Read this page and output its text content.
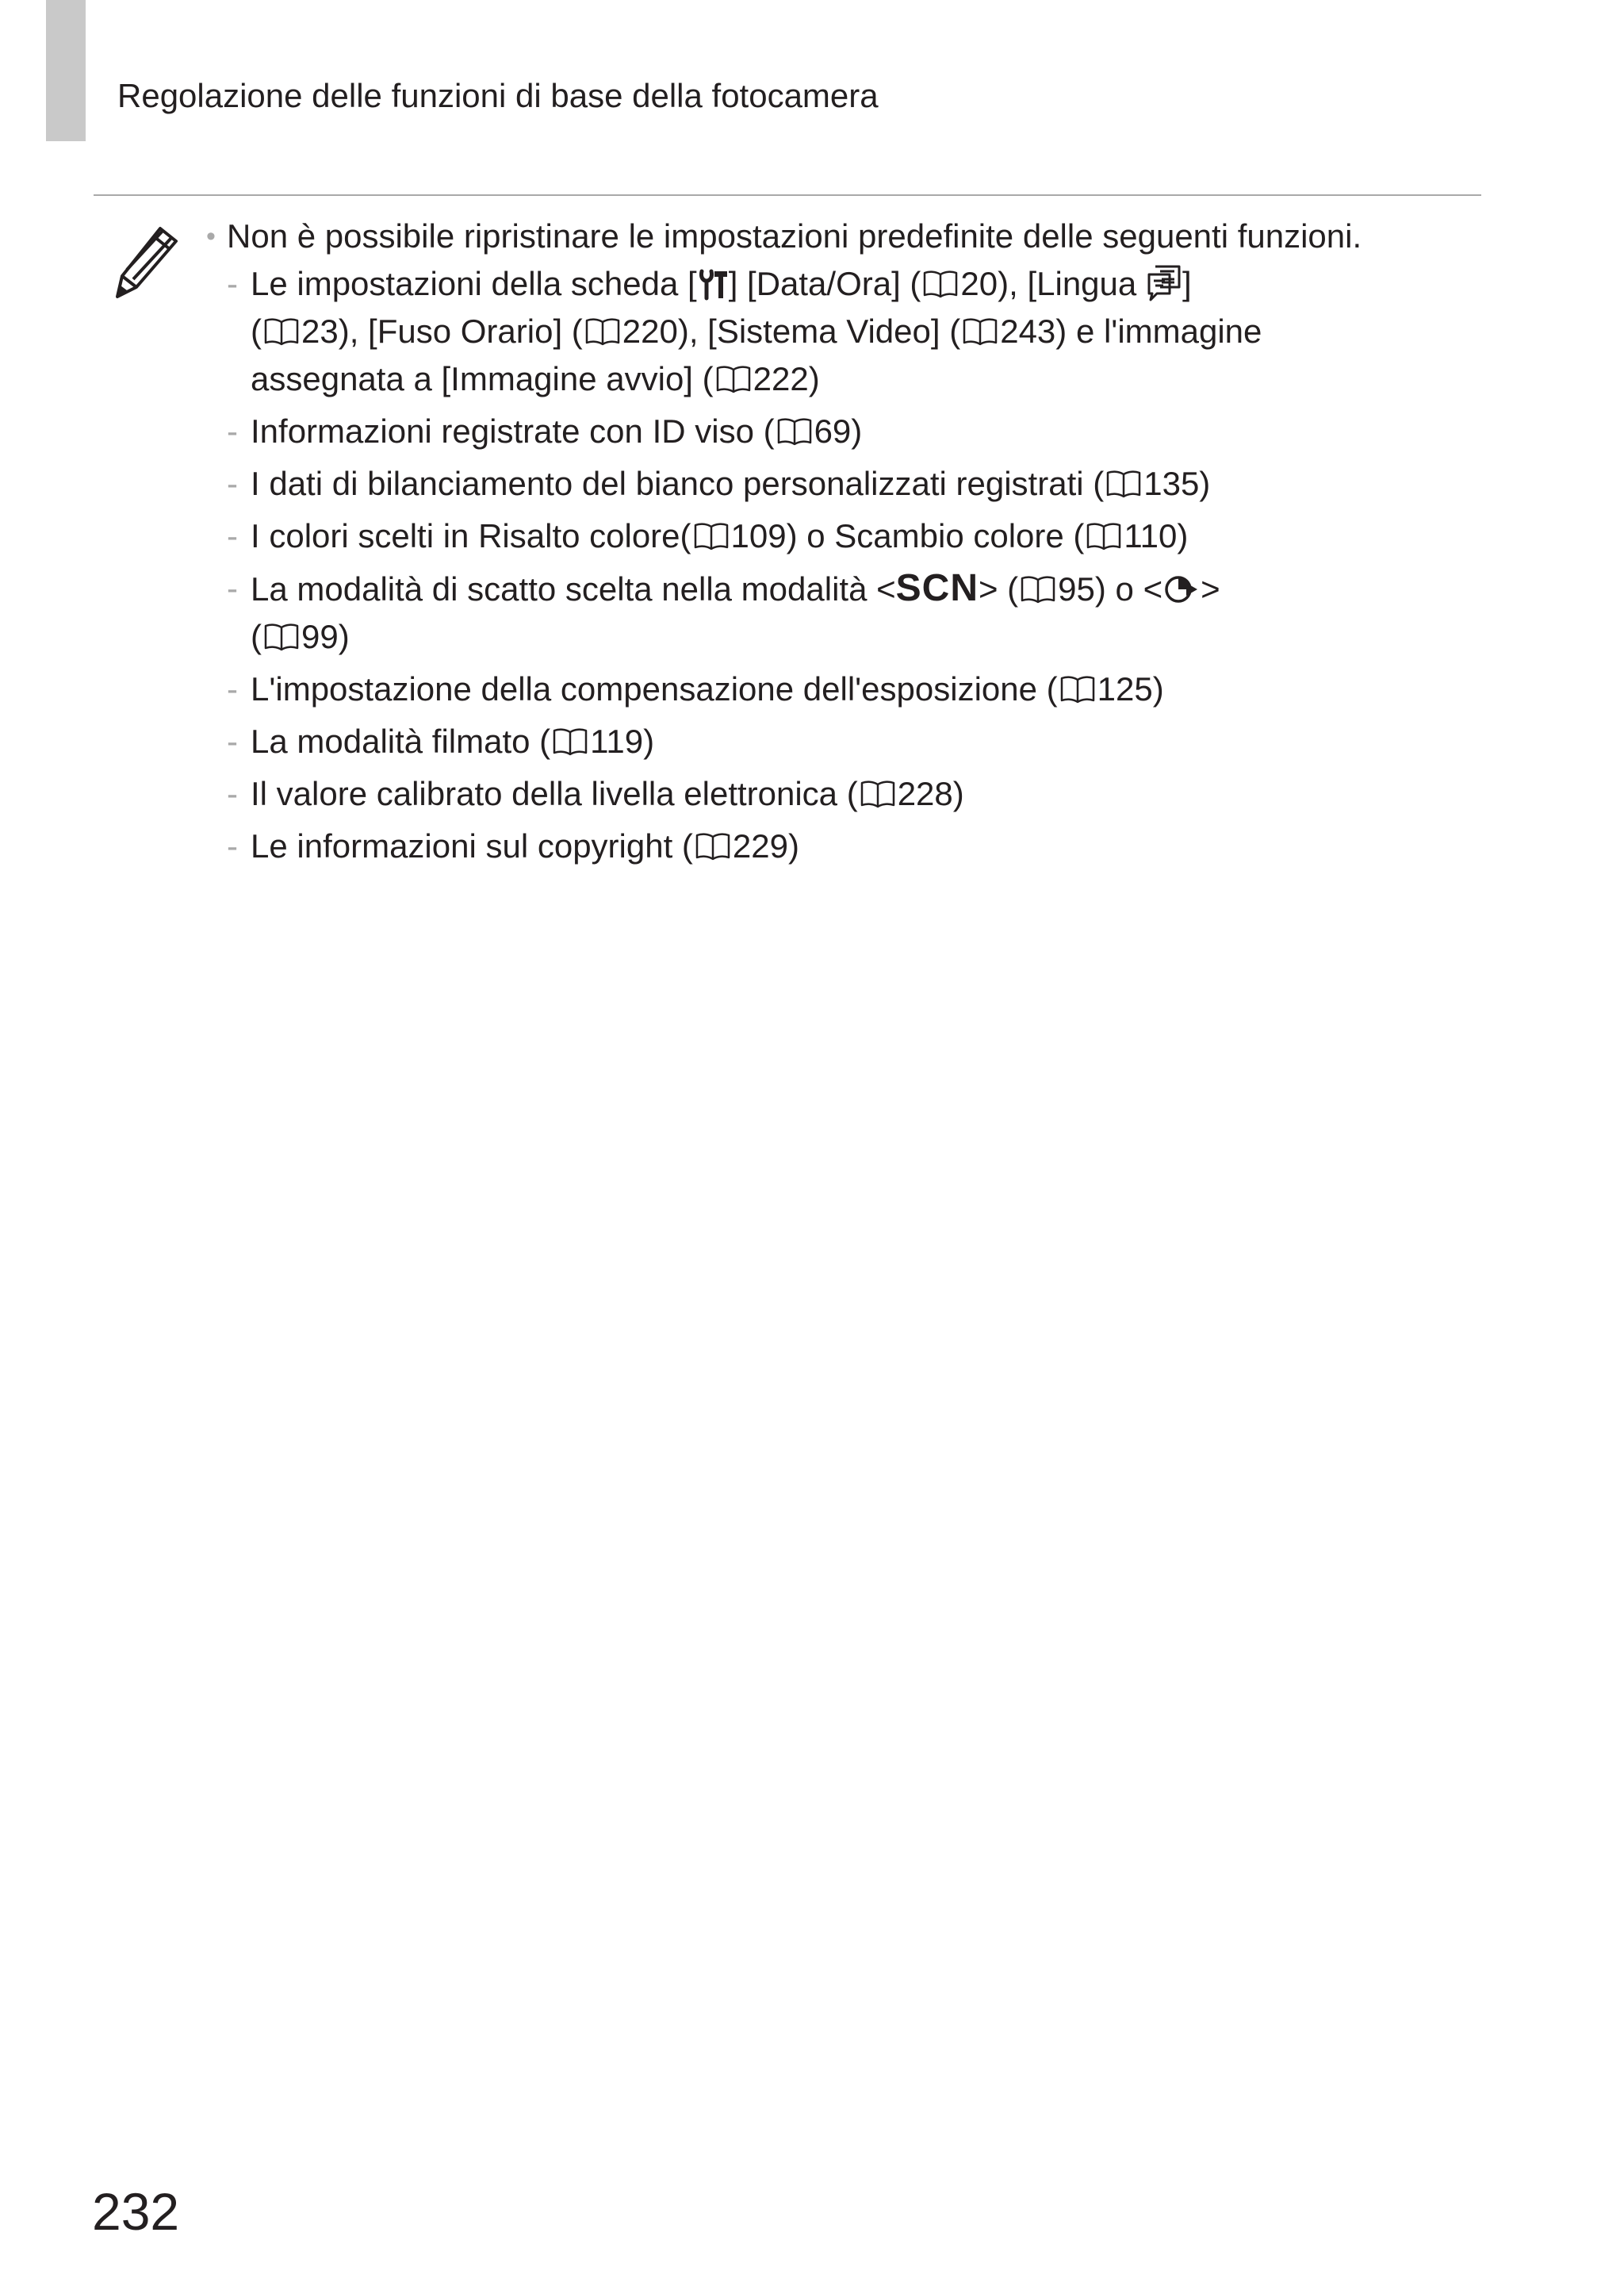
Regolazione delle funzioni di base della fotocamera
• Non è possibile ripristinare le impostazioni predefinite delle seguenti funzioni.
- Le impostazioni della scheda [ ] [Data/Ora] ( 20), [Lingua ]
( 23), [Fuso Orario] ( 220), [Sistema Video] ( 243) e l'immagine
assegnata a [Immagine avvio] ( 222)
- Informazioni registrate con ID viso ( 69)
- I dati di bilanciamento del bianco personalizzati registrati ( 135)
- I colori scelti in Risalto colore( 109) o Scambio colore ( 110)
- La modalità di scatto scelta nella modalità <SCN> ( 95) o < >
( 99)
- L'impostazione della compensazione dell'esposizione ( 125)
- La modalità filmato ( 119)
- Il valore calibrato della livella elettronica ( 228)
- Le informazioni sul copyright ( 229)
232
